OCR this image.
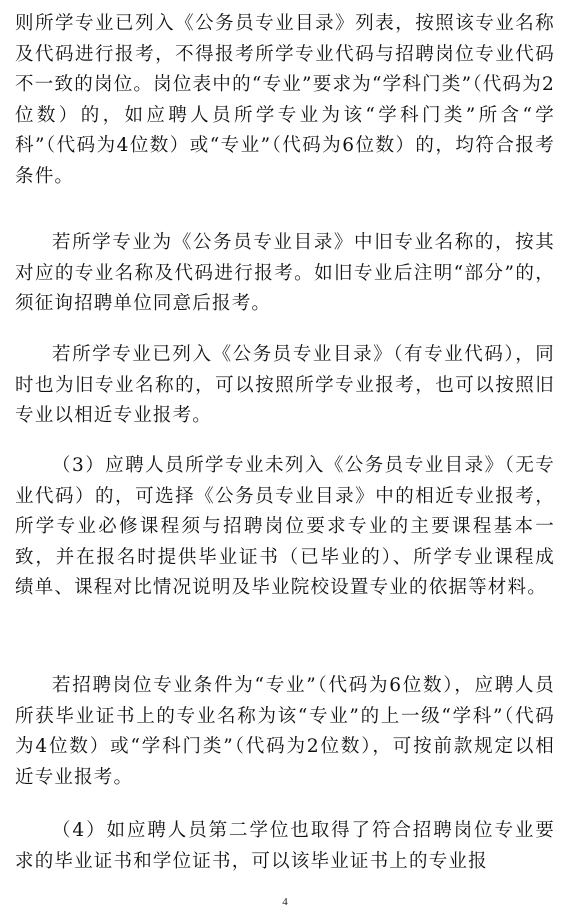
则所学专业已列入《公务员专业目录》列表，按照该专业名称及代码进行报考，不得报考所学专业代码与招聘岗位专业代码不一致的岗位。岗位表中的“专业”要求为“学科门类”（代码为2位数）的，如应聘人员所学专业为该“学科门类”所含“学科”（代码为4位数）或“专业”（代码为6位数）的，均符合报考条件。

若所学专业为《公务员专业目录》中旧专业名称的，按其对应的专业名称及代码进行报考。如旧专业后注明“部分”的，须征询招聘单位同意后报考。

若所学专业已列入《公务员专业目录》（有专业代码），同时也为旧专业名称的，可以按照所学专业报考，也可以按照旧专业以相近专业报考。

（3）应聘人员所学专业未列入《公务员专业目录》（无专业代码）的，可选择《公务员专业目录》中的相近专业报考，所学专业必修课程须与招聘岗位要求专业的主要课程基本一致，并在报名时提供毕业证书（已毕业的）、所学专业课程成绩单、课程对比情况说明及毕业院校设置专业的依据等材料。

若招聘岗位专业条件为“专业”（代码为6位数），应聘人员所获毕业证书上的专业名称为该“专业”的上一级“学科”（代码为4位数）或“学科门类”（代码为2位数），可按前款规定以相近专业报考。

（4）如应聘人员第二学位也取得了符合招聘岗位专业要求的毕业证书和学位证书，可以该毕业证书上的专业报

4
